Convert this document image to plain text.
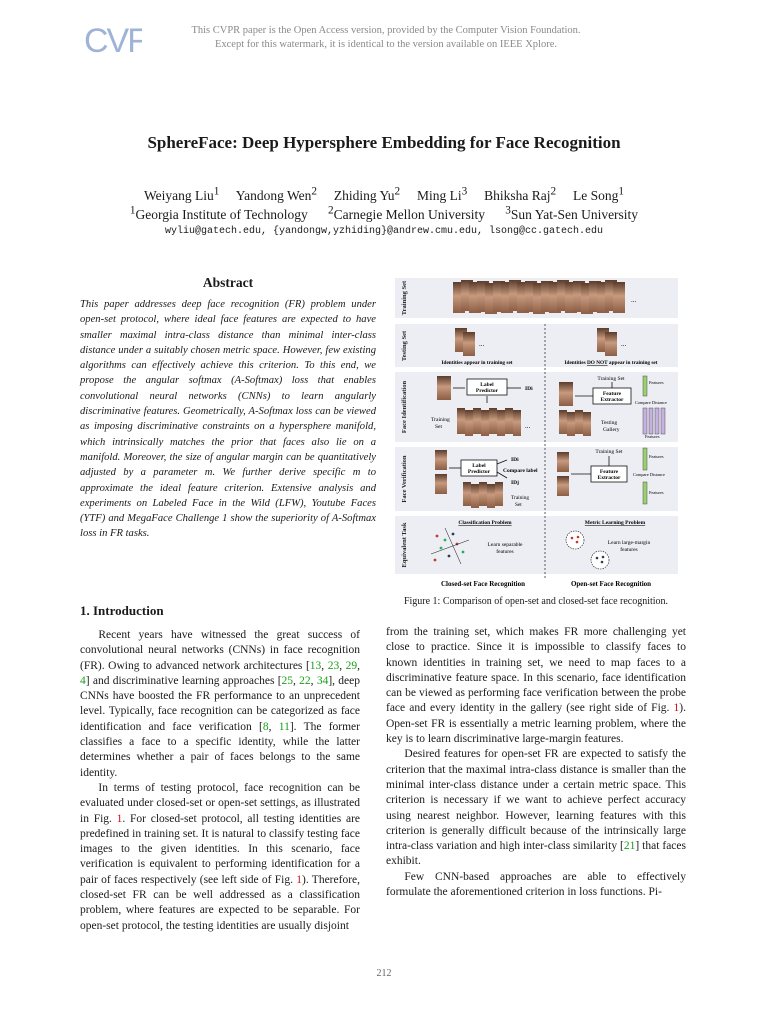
CVF	This CVPR paper is the Open Access version, provided by the Computer Vision Foundation.
Except for this watermark, it is identical to the version available on IEEE Xplore.
SphereFace: Deep Hypersphere Embedding for Face Recognition
Weiyang Liu$^1$ Yandong Wen$^2$ Zhiding Yu$^2$ Ming Li$^3$ Bhiksha Raj$^2$ Le Song$^1$
$^1$Georgia Institute of Technology $^2$Carnegie Mellon University $^3$Sun Yat-Sen University
wyliu@gatech.edu, {yandongw,yzhiding}@andrew.cmu.edu, lsong@cc.gatech.edu
Abstract
This paper addresses deep face recognition (FR) problem under open-set protocol, where ideal face features are expected to have smaller maximal intra-class distance than minimal inter-class distance under a suitably chosen metric space. However, few existing algorithms can effectively achieve this criterion. To this end, we propose the angular softmax (A-Softmax) loss that enables convolutional neural networks (CNNs) to learn angularly discriminative features. Geometrically, A-Softmax loss can be viewed as imposing discriminative constraints on a hypersphere manifold, which intrinsically matches the prior that faces also lie on a manifold. Moreover, the size of angular margin can be quantitatively adjusted by a parameter m. We further derive specific m to approximate the ideal feature criterion. Extensive analysis and experiments on Labeled Face in the Wild (LFW), Youtube Faces (YTF) and MegaFace Challenge 1 show the superiority of A-Softmax loss in FR tasks.
Training Set
Testing Set
Face Identification
Face Verification
Equivalent Task
...
...	...
Identities appear in training set	Identities DO NOT appear in training set
Label
Predictor	IDi
Training
Set	...
Training Set
Feature
Extractor
Features
Compare Distance
Features
Testing
Gallery
Label
Predictor
IDi
Compare label
IDj
Training
Set
Training Set
Feature
Extractor
Features
Compare Distance
Features
Classification Problem	Metric Learning Problem
Learn separable
features
Learn large-margin
features
Closed-set Face Recognition	Open-set Face Recognition
Figure 1: Comparison of open-set and closed-set face recognition.
1. Introduction

Recent years have witnessed the great success of convolutional neural networks (CNNs) in face recognition (FR). Owing to advanced network architectures [13, 23, 29, 4] and discriminative learning approaches [25, 22, 34], deep CNNs have boosted the FR performance to an unprecedent level. Typically, face recognition can be categorized as face identification and face verification [8, 11]. The former classifies a face to a specific identity, while the latter determines whether a pair of faces belongs to the same identity.

In terms of testing protocol, face recognition can be evaluated under closed-set or open-set settings, as illustrated in Fig. 1. For closed-set protocol, all testing identities are predefined in training set. It is natural to classify testing face images to the given identities. In this scenario, face verification is equivalent to performing identification for a pair of faces respectively (see left side of Fig. 1). Therefore, closed-set FR can be well addressed as a classification problem, where features are expected to be separable. For open-set protocol, the testing identities are usually disjoint

from the training set, which makes FR more challenging yet close to practice. Since it is impossible to classify faces to known identities in training set, we need to map faces to a discriminative feature space. In this scenario, face identification can be viewed as performing face verification between the probe face and every identity in the gallery (see right side of Fig. 1). Open-set FR is essentially a metric learning problem, where the key is to learn discriminative large-margin features.

Desired features for open-set FR are expected to satisfy the criterion that the maximal intra-class distance is smaller than the minimal inter-class distance under a certain metric space. This criterion is necessary if we want to achieve perfect accuracy using nearest neighbor. However, learning features with this criterion is generally difficult because of the intrinsically large intra-class variation and high inter-class similarity [21] that faces exhibit.

Few CNN-based approaches are able to effectively formulate the aforementioned criterion in loss functions. Pi-

212
